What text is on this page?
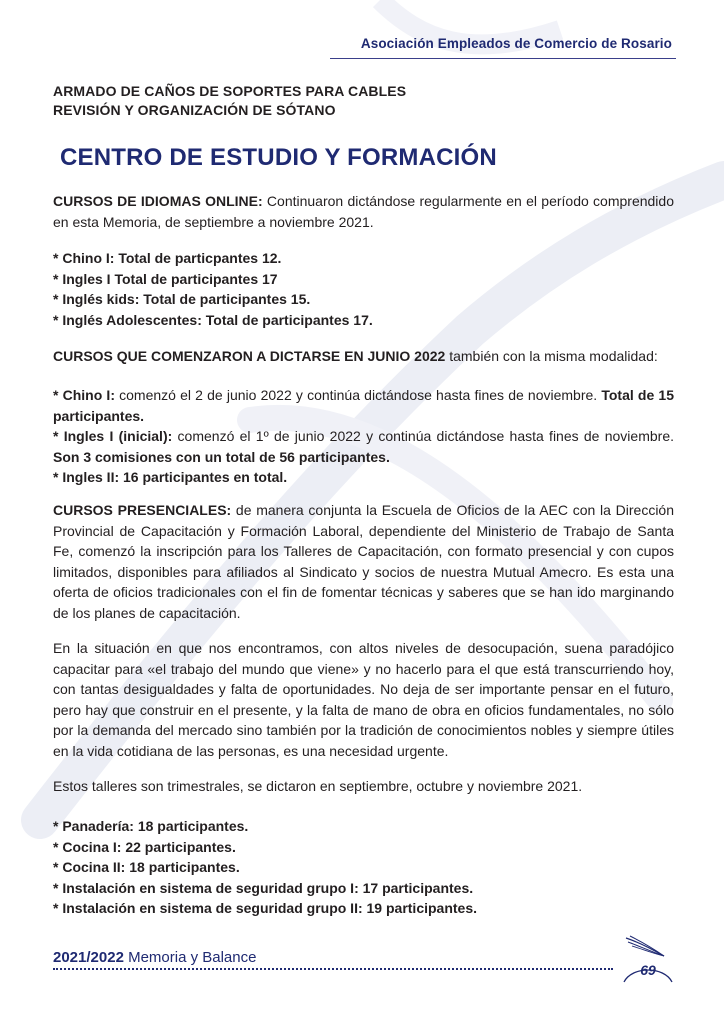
Asociación Empleados de Comercio de Rosario
ARMADO DE CAÑOS DE SOPORTES PARA CABLES
REVISIÓN Y ORGANIZACIÓN DE SÓTANO
CENTRO DE ESTUDIO Y FORMACIÓN

CURSOS DE IDIOMAS ONLINE: Continuaron dictándose regularmente en el período comprendido en esta Memoria, de septiembre a noviembre 2021.

* Chino I: Total de particpantes 12.
* Ingles I Total de participantes 17
* Inglés kids: Total de participantes 15.
* Inglés Adolescentes: Total de participantes 17.

CURSOS QUE COMENZARON A DICTARSE EN JUNIO 2022 también con la misma modalidad:

* Chino I: comenzó el 2 de junio 2022 y continúa dictándose hasta fines de noviembre. Total de 15 participantes.
* Ingles I (inicial): comenzó el 1º de junio 2022 y continúa dictándose hasta fines de noviembre. Son 3 comisiones con un total de 56 participantes.
* Ingles II: 16 participantes en total.

CURSOS PRESENCIALES: de manera conjunta la Escuela de Oficios de la AEC con la Dirección Provincial de Capacitación y Formación Laboral, dependiente del Ministerio de Trabajo de Santa Fe, comenzó la inscripción para los Talleres de Capacitación, con formato presencial y con cupos limitados, disponibles para afiliados al Sindicato y socios de nuestra Mutual Amecro. Es esta una oferta de oficios tradicionales con el fin de fomentar técnicas y saberes que se han ido marginando de los planes de capacitación.

En la situación en que nos encontramos, con altos niveles de desocupación, suena paradójico capacitar para «el trabajo del mundo que viene» y no hacerlo para el que está transcurriendo hoy, con tantas desigualdades y falta de oportunidades. No deja de ser importante pensar en el futuro, pero hay que construir en el presente, y la falta de mano de obra en oficios fundamentales, no sólo por la demanda del mercado sino también por la tradición de conocimientos nobles y siempre útiles en la vida cotidiana de las personas, es una necesidad urgente.

Estos talleres son trimestrales, se dictaron en septiembre, octubre y noviembre 2021.

* Panadería: 18 participantes.
* Cocina I: 22 participantes.
* Cocina II: 18 participantes.
* Instalación en sistema de seguridad grupo I: 17 participantes.
* Instalación en sistema de seguridad grupo II: 19 participantes.
2021/2022 Memoria y Balance
69
